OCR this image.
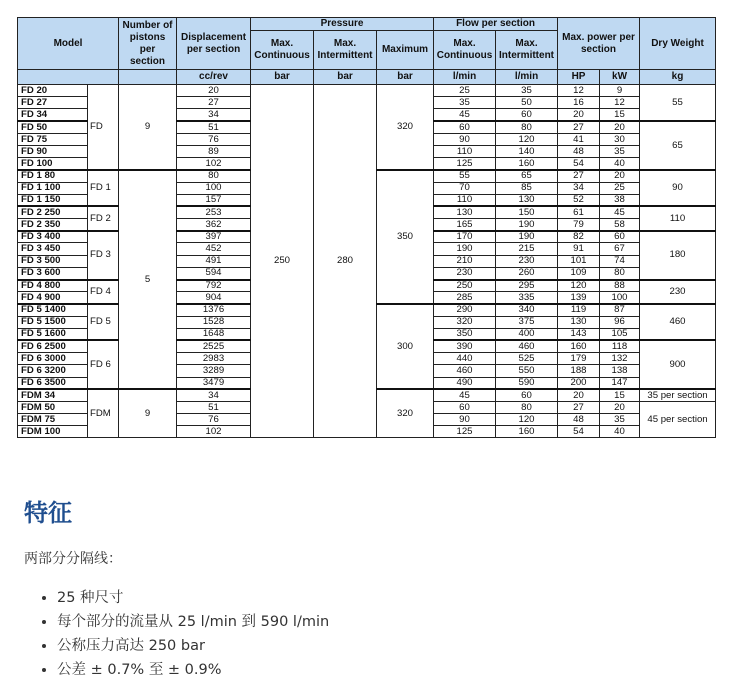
Model		Number of pistons per section	Displacement per section	Pressure			Flow per section		Max. power per section		Dry Weight
				Max. Continuous	Max. Intermittent	Maximum	Max. Continuous	Max. Intermittent			
			cc/rev	bar	bar	bar	l/min	l/min	HP	kW	kg
FD 20	FD	9	20	250	280	320	25	35	12	9	55
FD 27			27				35	50	16	12	
FD 34			34				45	60	20	15	
FD 50			51				60	80	27	20	65
FD 75			76				90	120	41	30	
FD 90			89				110	140	48	35	
FD 100			102				125	160	54	40	
FD 1 80	FD 1	5	80			350	55	65	27	20	90
FD 1 100			100				70	85	34	25	
FD 1 150			157				110	130	52	38	
FD 2 250	FD 2		253				130	150	61	45	110
FD 2 350			362				165	190	79	58	
FD 3 400	FD 3		397				170	190	82	60	180
FD 3 450			452				190	215	91	67	
FD 3 500			491				210	230	101	74	
FD 3 600			594				230	260	109	80	
FD 4 800	FD 4		792				250	295	120	88	230
FD 4 900			904				285	335	139	100	
FD 5 1400	FD 5		1376			300	290	340	119	87	460
FD 5 1500			1528				320	375	130	96	
FD 5 1600			1648				350	400	143	105	
FD 6 2500	FD 6		2525				390	460	160	118	900
FD 6 3000			2983				440	525	179	132	
FD 6 3200			3289				460	550	188	138	
FD 6 3500			3479				490	590	200	147	
FDM 34	FDM	9	34			320	45	60	20	15	35 per section
FDM 50			51				60	80	27	20	45 per section
FDM 75			76				90	120	48	35	
FDM 100			102				125	160	54	40	
特征

两部分分隔线：

• 25 种尺寸
• 每个部分的流量从 25 l/min 到 590 l/min
• 公称压力高达 250 bar
• 公差 ± 0.7% 至 ± 0.9%
